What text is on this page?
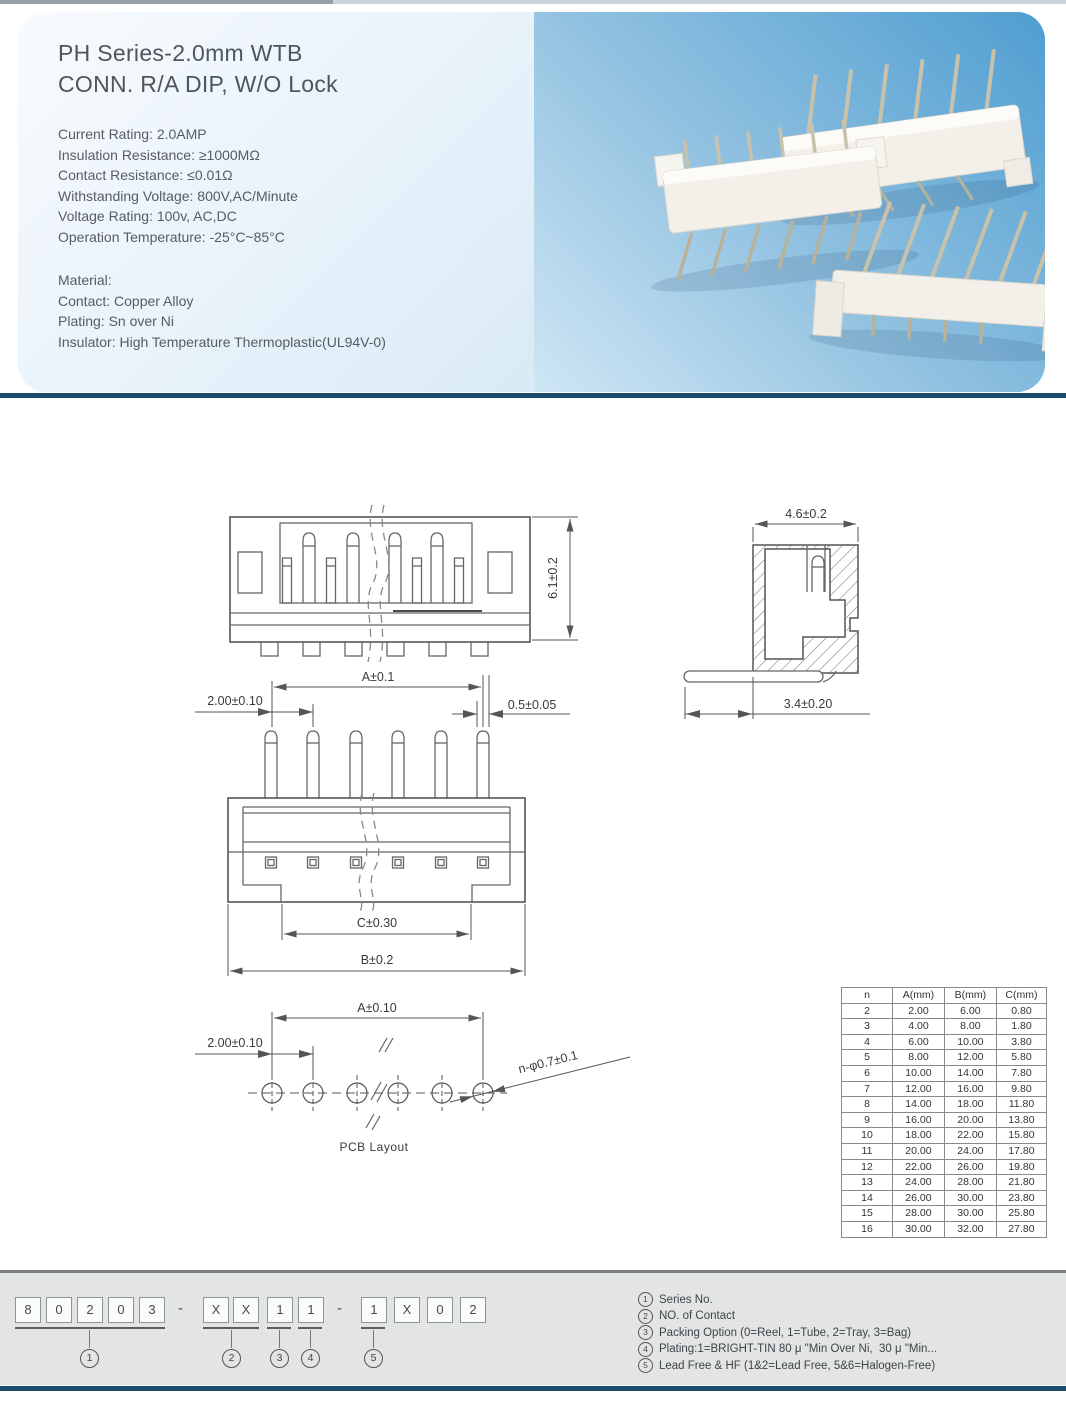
PH Series-2.0mm WTB
CONN. R/A DIP, W/O Lock
Current Rating: 2.0AMP
Insulation Resistance: ≥1000MΩ
Contact Resistance: ≤0.01Ω
Withstanding Voltage: 800V,AC/Minute
Voltage Rating: 100v, AC,DC
Operation Temperature: -25°C~85°C
Material:
Contact: Copper Alloy
Plating: Sn over Ni
Insulator: High Temperature Thermoplastic(UL94V-0)
6.1±0.2
4.6±0.2
3.4±0.20
A±0.1
2.00±0.10	0.5±0.05
C±0.30
B±0.2
A±0.10
2.00±0.10
n-φ0.7±0.1
PCB Layout
n	A(mm)	B(mm)	C(mm)
2	2.00	6.00	0.80
3	4.00	8.00	1.80
4	6.00	10.00	3.80
5	8.00	12.00	5.80
6	10.00	14.00	7.80
7	12.00	16.00	9.80
8	14.00	18.00	11.80
9	16.00	20.00	13.80
10	18.00	22.00	15.80
11	20.00	24.00	17.80
12	22.00	26.00	19.80
13	24.00	28.00	21.80
14	26.00	30.00	23.80
15	28.00	30.00	25.80
16	30.00	32.00	27.80
8	0	2	0	3	-	X	X	1	1	-	1	X	0	2
1	2	3	4	5
1 Series No.
2 NO. of Contact
3 Packing Option (0=Reel, 1=Tube, 2=Tray, 3=Bag)
4 Plating:1=BRIGHT-TIN 80 μ "Min Over Ni,  30 μ "Min...
5 Lead Free & HF (1&2=Lead Free, 5&6=Halogen-Free)
